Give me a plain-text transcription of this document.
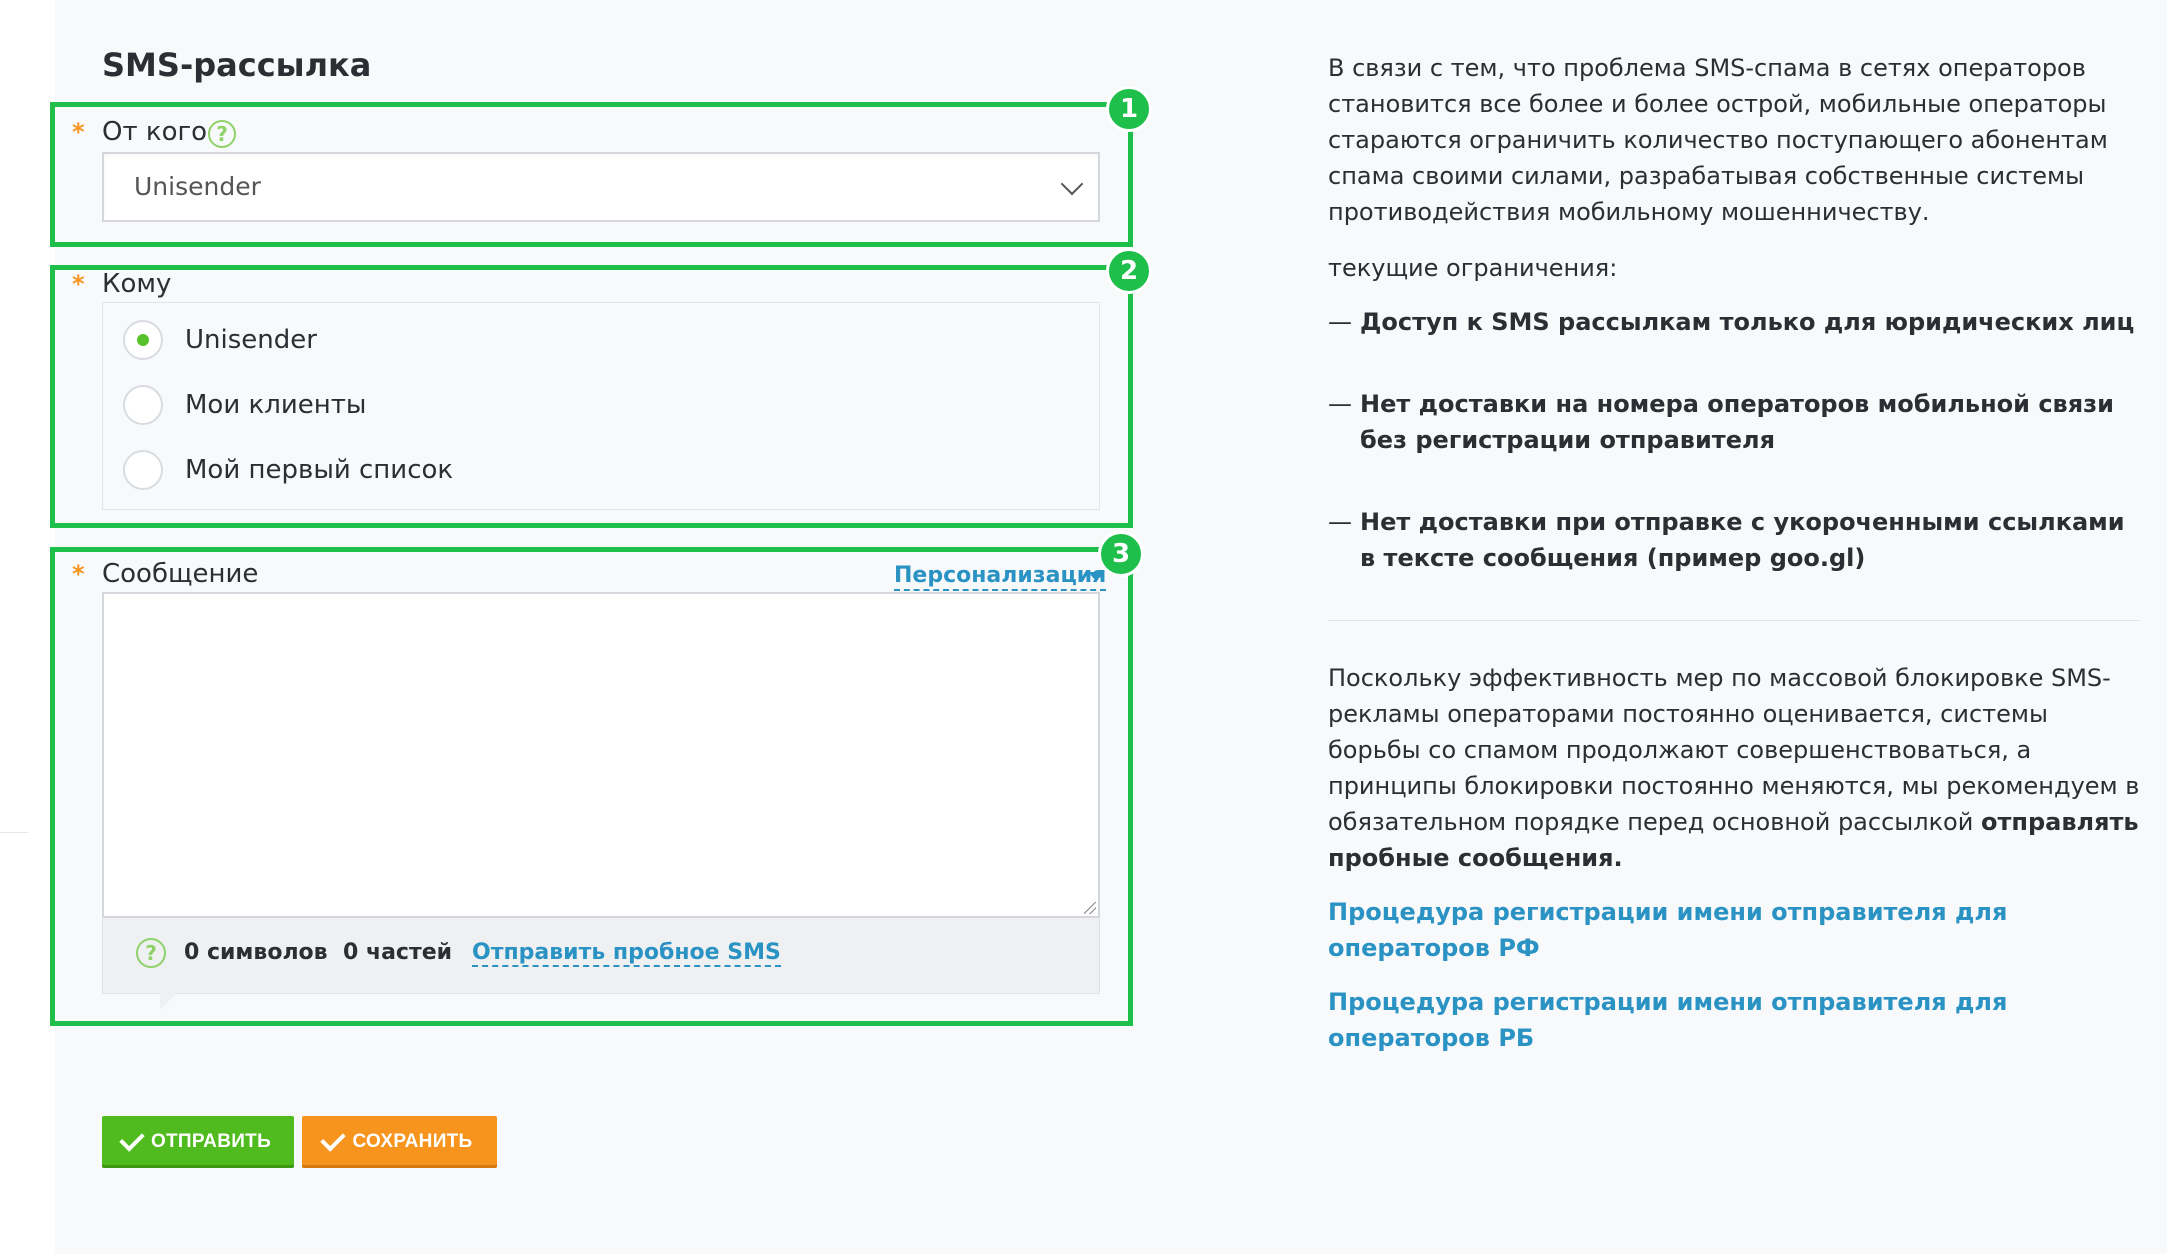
SMS-рассылка
1
* От кого ?
Unisender
2
* Кому
Unisender
Мои клиенты
Мой первый список
3
* Сообщение	Персонализация
?	0 символов 0 частей Отправить пробное SMS
ОТПРАВИТЬ	СОХРАНИТЬ

В связи с тем, что проблема SMS-спама в сетях операторов становится все более и более острой, мобильные операторы стараются ограничить количество поступающего абонентам спама своими силами, разрабатывая собственные системы противодействия мобильному мошенничеству.

текущие ограничения:

— Доступ к SMS рассылкам только для юридических лиц
— Нет доставки на номера операторов мобильной связи без регистрации отправителя
— Нет доставки при отправке с укороченными ссылками в тексте сообщения (пример goo.gl)

Поскольку эффективность мер по массовой блокировке SMS-рекламы операторами постоянно оценивается, системы борьбы со спамом продолжают совершенствоваться, а принципы блокировки постоянно меняются, мы рекомендуем в обязательном порядке перед основной рассылкой отправлять пробные сообщения.

Процедура регистрации имени отправителя для операторов РФ
Процедура регистрации имени отправителя для операторов РБ
